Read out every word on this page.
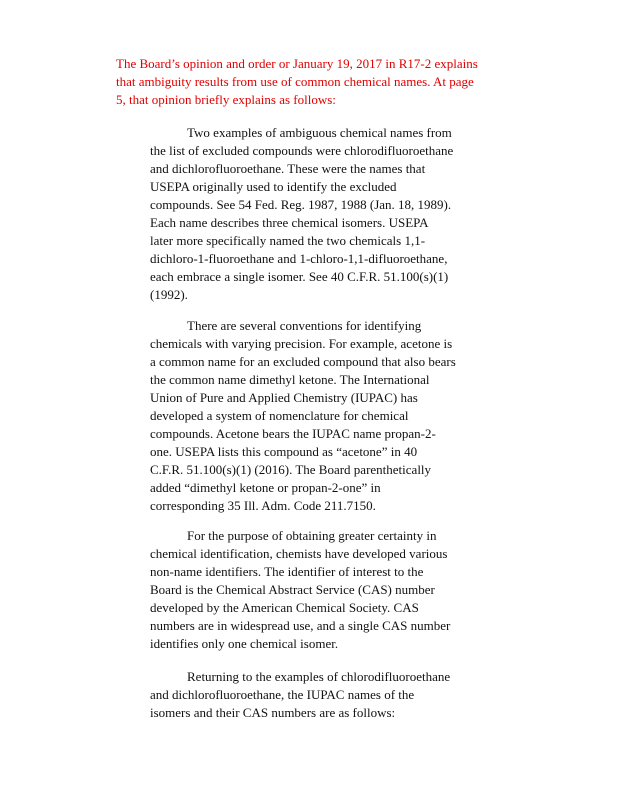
The Board’s opinion and order or January 19, 2017 in R17-2 explains
that ambiguity results from use of common chemical names. At page
5, that opinion briefly explains as follows:
Two examples of ambiguous chemical names from
the list of excluded compounds were chlorodifluoroethane
and dichlorofluoroethane. These were the names that
USEPA originally used to identify the excluded
compounds. See 54 Fed. Reg. 1987, 1988 (Jan. 18, 1989).
Each name describes three chemical isomers. USEPA
later more specifically named the two chemicals 1,1-
dichloro-1-fluoroethane and 1-chloro-1,1-difluoroethane,
each embrace a single isomer. See 40 C.F.R. 51.100(s)(1)
(1992).
There are several conventions for identifying
chemicals with varying precision. For example, acetone is
a common name for an excluded compound that also bears
the common name dimethyl ketone. The International
Union of Pure and Applied Chemistry (IUPAC) has
developed a system of nomenclature for chemical
compounds. Acetone bears the IUPAC name propan-2-
one. USEPA lists this compound as “acetone” in 40
C.F.R. 51.100(s)(1) (2016). The Board parenthetically
added “dimethyl ketone or propan-2-one” in
corresponding 35 Ill. Adm. Code 211.7150.
For the purpose of obtaining greater certainty in
chemical identification, chemists have developed various
non-name identifiers. The identifier of interest to the
Board is the Chemical Abstract Service (CAS) number
developed by the American Chemical Society. CAS
numbers are in widespread use, and a single CAS number
identifies only one chemical isomer.
Returning to the examples of chlorodifluoroethane
and dichlorofluoroethane, the IUPAC names of the
isomers and their CAS numbers are as follows:
